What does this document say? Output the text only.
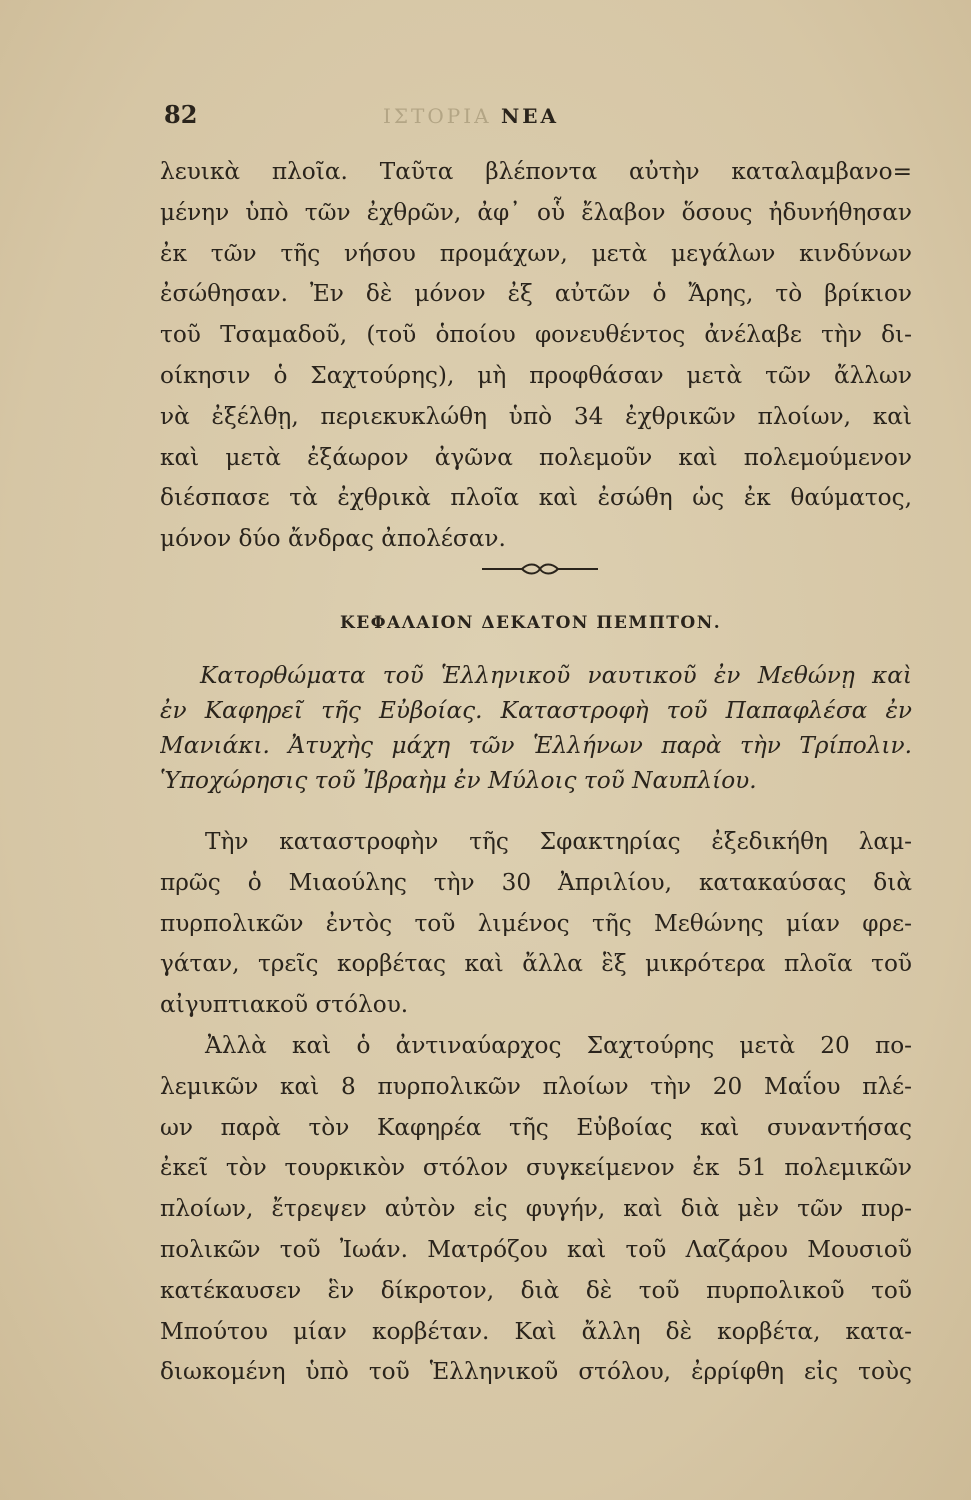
82	ΙΣΤΟΡΙΑ ΝΕΑ
λευικὰ πλοῖα. Ταῦτα βλέποντα αὐτὴν καταλαμβανο=
μένην ὑπὸ τῶν ἐχθρῶν, ἀφ᾽ οὗ ἔλαβον ὅσους ἠδυνήθησαν
ἐκ τῶν τῆς νήσου προμάχων, μετὰ μεγάλων κινδύνων
ἐσώθησαν. Ἐν δὲ μόνον ἐξ αὐτῶν ὁ Ἄρης, τὸ βρίκιον
τοῦ Τσαμαδοῦ, (τοῦ ὁποίου φονευθέντος ἀνέλαβε τὴν δι-
οίκησιν ὁ Σαχτούρης), μὴ προφθάσαν μετὰ τῶν ἄλλων
νὰ ἐξέλθῃ, περιεκυκλώθη ὑπὸ 34 ἐχθρικῶν πλοίων, καὶ
καὶ μετὰ ἐξάωρον ἀγῶνα πολεμοῦν καὶ πολεμούμενον
διέσπασε τὰ ἐχθρικὰ πλοῖα καὶ ἐσώθη ὡς ἐκ θαύματος,
μόνον δύο ἄνδρας ἀπολέσαν.
ΚΕΦΑΛΑΙΟΝ ΔΕΚΑΤΟΝ ΠΕΜΠΤΟΝ.
Κατορθώματα τοῦ Ἑλληνικοῦ ναυτικοῦ ἐν Μεθώνῃ καὶ
ἐν Καφηρεῖ τῆς Εὐβοίας. Καταστροφὴ τοῦ Παπαφλέσα ἐν
Μανιάκι. Ἀτυχὴς μάχη τῶν Ἑλλήνων παρὰ τὴν Τρίπολιν.
Ὑποχώρησις τοῦ Ἰβραὴμ ἐν Μύλοις τοῦ Ναυπλίου.
Τὴν καταστροφὴν τῆς Σφακτηρίας ἐξεδικήθη λαμ-
πρῶς ὁ Μιαούλης τὴν 30 Ἀπριλίου, κατακαύσας διὰ
πυρπολικῶν ἐντὸς τοῦ λιμένος τῆς Μεθώνης μίαν φρε-
γάταν, τρεῖς κορβέτας καὶ ἄλλα ἓξ μικρότερα πλοῖα τοῦ
αἰγυπτιακοῦ στόλου.
Ἀλλὰ καὶ ὁ ἀντιναύαρχος Σαχτούρης μετὰ 20 πο-
λεμικῶν καὶ 8 πυρπολικῶν πλοίων τὴν 20 Μαΐου πλέ-
ων παρὰ τὸν Καφηρέα τῆς Εὐβοίας καὶ συναντήσας
ἐκεῖ τὸν τουρκικὸν στόλον συγκείμενον ἐκ 51 πολεμικῶν
πλοίων, ἔτρεψεν αὐτὸν εἰς φυγήν, καὶ διὰ μὲν τῶν πυρ-
πολικῶν τοῦ Ἰωάν. Ματρόζου καὶ τοῦ Λαζάρου Μουσιοῦ
κατέκαυσεν ἓν δίκροτον, διὰ δὲ τοῦ πυρπολικοῦ τοῦ
Μπούτου μίαν κορβέταν. Καὶ ἄλλη δὲ κορβέτα, κατα-
διωκομένη ὑπὸ τοῦ Ἑλληνικοῦ στόλου, ἐρρίφθη εἰς τοὺς
